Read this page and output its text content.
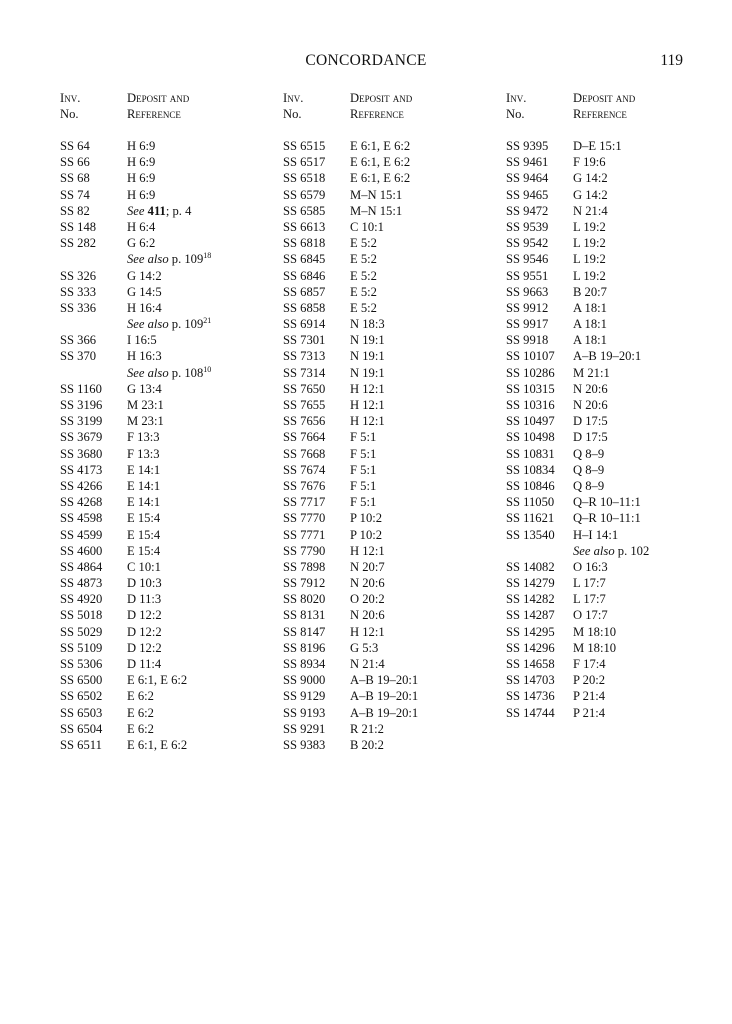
CONCORDANCE	119
Inv.
No.
Deposit and
Reference
SS 64	H 6:9
SS 66	H 6:9
SS 68	H 6:9
SS 74	H 6:9
SS 82	See 411; p. 4
SS 148 H 6:4
SS 282 G 6:2
See also p. $109^{18}$
SS 326 G 14:2
SS 333 G 14:5
SS 336 H 16:4
See also p. $109^{21}$
SS 366 I 16:5
SS 370 H 16:3
See also p. $108^{10}$
SS 1160 G 13:4
SS 3196 M 23:1
SS 3199 M 23:1
SS 3679 F 13:3
SS 3680 F 13:3
SS 4173 E 14:1
SS 4266 E 14:1
SS 4268 E 14:1
SS 4598 E 15:4
SS 4599 E 15:4
SS 4600 E 15:4
SS 4864 C 10:1
SS 4873 D 10:3
SS 4920 D 11:3
SS 5018 D 12:2
SS 5029 D 12:2
SS 5109 D 12:2
SS 5306 D 11:4
SS 6500 E 6:1, E 6:2
SS 6502 E 6:2
SS 6503 E 6:2
SS 6504 E 6:2
SS 6511 E 6:1, E 6:2
Inv.
No.
Deposit and
Reference
SS 6515 E 6:1, E 6:2
SS 6517 E 6:1, E 6:2
SS 6518 E 6:1, E 6:2
SS 6579 M–N 15:1
SS 6585 M–N 15:1
SS 6613 C 10:1
SS 6818 E 5:2
SS 6845 E 5:2
SS 6846 E 5:2
SS 6857 E 5:2
SS 6858 E 5:2
SS 6914 N 18:3
SS 7301 N 19:1
SS 7313 N 19:1
SS 7314 N 19:1
SS 7650 H 12:1
SS 7655 H 12:1
SS 7656 H 12:1
SS 7664 F 5:1
SS 7668 F 5:1
SS 7674 F 5:1
SS 7676 F 5:1
SS 7717 F 5:1
SS 7770 P 10:2
SS 7771 P 10:2
SS 7790 H 12:1
SS 7898 N 20:7
SS 7912 N 20:6
SS 8020 O 20:2
SS 8131 N 20:6
SS 8147 H 12:1
SS 8196 G 5:3
SS 8934 N 21:4
SS 9000 A–B 19–20:1
SS 9129 A–B 19–20:1
SS 9193 A–B 19–20:1
SS 9291 R 21:2
SS 9383 B 20:2
Inv.
No.
Deposit and
Reference
SS 9395 D–E 15:1
SS 9461 F 19:6
SS 9464 G 14:2
SS 9465 G 14:2
SS 9472 N 21:4
SS 9539 L 19:2
SS 9542 L 19:2
SS 9546 L 19:2
SS 9551 L 19:2
SS 9663 B 20:7
SS 9912 A 18:1
SS 9917 A 18:1
SS 9918 A 18:1
SS 10107 A–B 19–20:1
SS 10286 M 21:1
SS 10315 N 20:6
SS 10316 N 20:6
SS 10497 D 17:5
SS 10498 D 17:5
SS 10831 Q 8–9
SS 10834 Q 8–9
SS 10846 Q 8–9
SS 11050 Q–R 10–11:1
SS 11621 Q–R 10–11:1
SS 13540 H–I 14:1
See also p. 102
SS 14082 O 16:3
SS 14279 L 17:7
SS 14282 L 17:7
SS 14287 O 17:7
SS 14295 M 18:10
SS 14296 M 18:10
SS 14658 F 17:4
SS 14703 P 20:2
SS 14736 P 21:4
SS 14744 P 21:4
